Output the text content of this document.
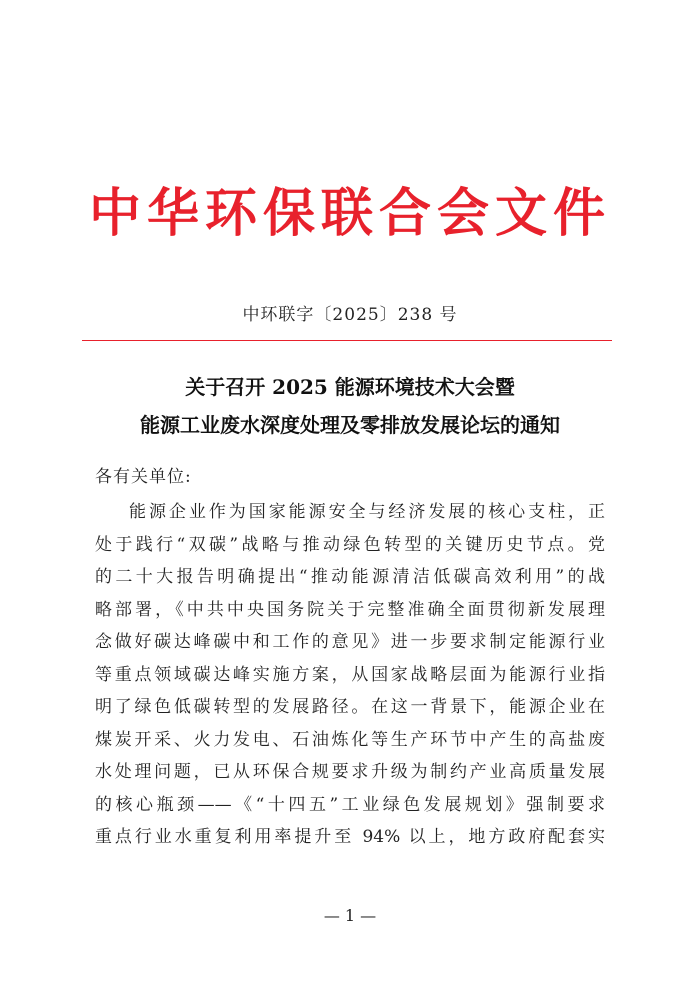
中华环保联合会文件
中环联字〔2025〕238 号
关于召开 2025 能源环境技术大会暨
能源工业废水深度处理及零排放发展论坛的通知
各有关单位:
能源企业作为国家能源安全与经济发展的核心支柱，正
处于践行“双碳”战略与推动绿色转型的关键历史节点。党
的二十大报告明确提出“推动能源清洁低碳高效利用”的战
略部署，《中共中央国务院关于完整准确全面贯彻新发展理
念做好碳达峰碳中和工作的意见》进一步要求制定能源行业
等重点领域碳达峰实施方案，从国家战略层面为能源行业指
明了绿色低碳转型的发展路径。在这一背景下，能源企业在
煤炭开采、火力发电、石油炼化等生产环节中产生的高盐废
水处理问题，已从环保合规要求升级为制约产业高质量发展
的核心瓶颈——《“十四五”工业绿色发展规划》强制要求
重点行业水重复利用率提升至 94% 以上，地方政府配套实
— 1 —
